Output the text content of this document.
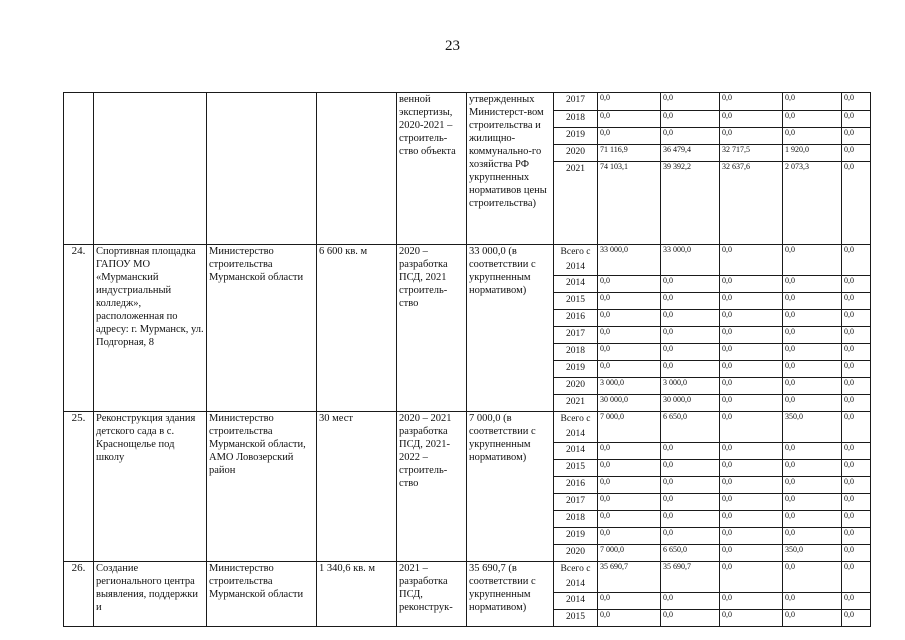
23
				венной экспертизы, 2020-2021 – строитель-ство объекта	утвержденных Министерст-вом строительства и жилищно-коммунально-го хозяйства РФ укрупненных нормативов цены строительства)	2017	0,0	0,0	0,0	0,0	0,0
						2018	0,0	0,0	0,0	0,0	0,0
						2019	0,0	0,0	0,0	0,0	0,0
						2020	71 116,9	36 479,4	32 717,5	1 920,0	0,0
						2021	74 103,1	39 392,2	32 637,6	2 073,3	0,0
24.	Спортивная площадка ГАПОУ МО «Мурманский индустриальный колледж», расположенная по адресу: г. Мурманск, ул. Подгорная, 8	Министерство строительства Мурманской области	6 600 кв. м	2020 – разработка ПСД, 2021 строитель-ство	33 000,0 (в соответствии с укрупненным нормативом)	Всего с 2014	33 000,0	33 000,0	0,0	0,0	0,0
						2014	0,0	0,0	0,0	0,0	0,0
						2015	0,0	0,0	0,0	0,0	0,0
						2016	0,0	0,0	0,0	0,0	0,0
						2017	0,0	0,0	0,0	0,0	0,0
						2018	0,0	0,0	0,0	0,0	0,0
						2019	0,0	0,0	0,0	0,0	0,0
						2020	3 000,0	3 000,0	0,0	0,0	0,0
						2021	30 000,0	30 000,0	0,0	0,0	0,0
25.	Реконструкция здания детского сада в с. Краснощелье под школу	Министерство строительства Мурманской области, АМО Ловозерский район	30 мест	2020 – 2021 разработка ПСД, 2021-2022 – строитель-ство	7 000,0 (в соответствии с укрупненным нормативом)	Всего с 2014	7 000,0	6 650,0	0,0	350,0	0,0
						2014	0,0	0,0	0,0	0,0	0,0
						2015	0,0	0,0	0,0	0,0	0,0
						2016	0,0	0,0	0,0	0,0	0,0
						2017	0,0	0,0	0,0	0,0	0,0
						2018	0,0	0,0	0,0	0,0	0,0
						2019	0,0	0,0	0,0	0,0	0,0
						2020	7 000,0	6 650,0	0,0	350,0	0,0
26.	Создание регионального центра выявления, поддержки и	Министерство строительства Мурманской области	1 340,6 кв. м	2021 – разработка ПСД, реконструк-	35 690,7 (в соответствии с укрупненным нормативом)	Всего с 2014	35 690,7	35 690,7	0,0	0,0	0,0
						2014	0,0	0,0	0,0	0,0	0,0
						2015	0,0	0,0	0,0	0,0	0,0
